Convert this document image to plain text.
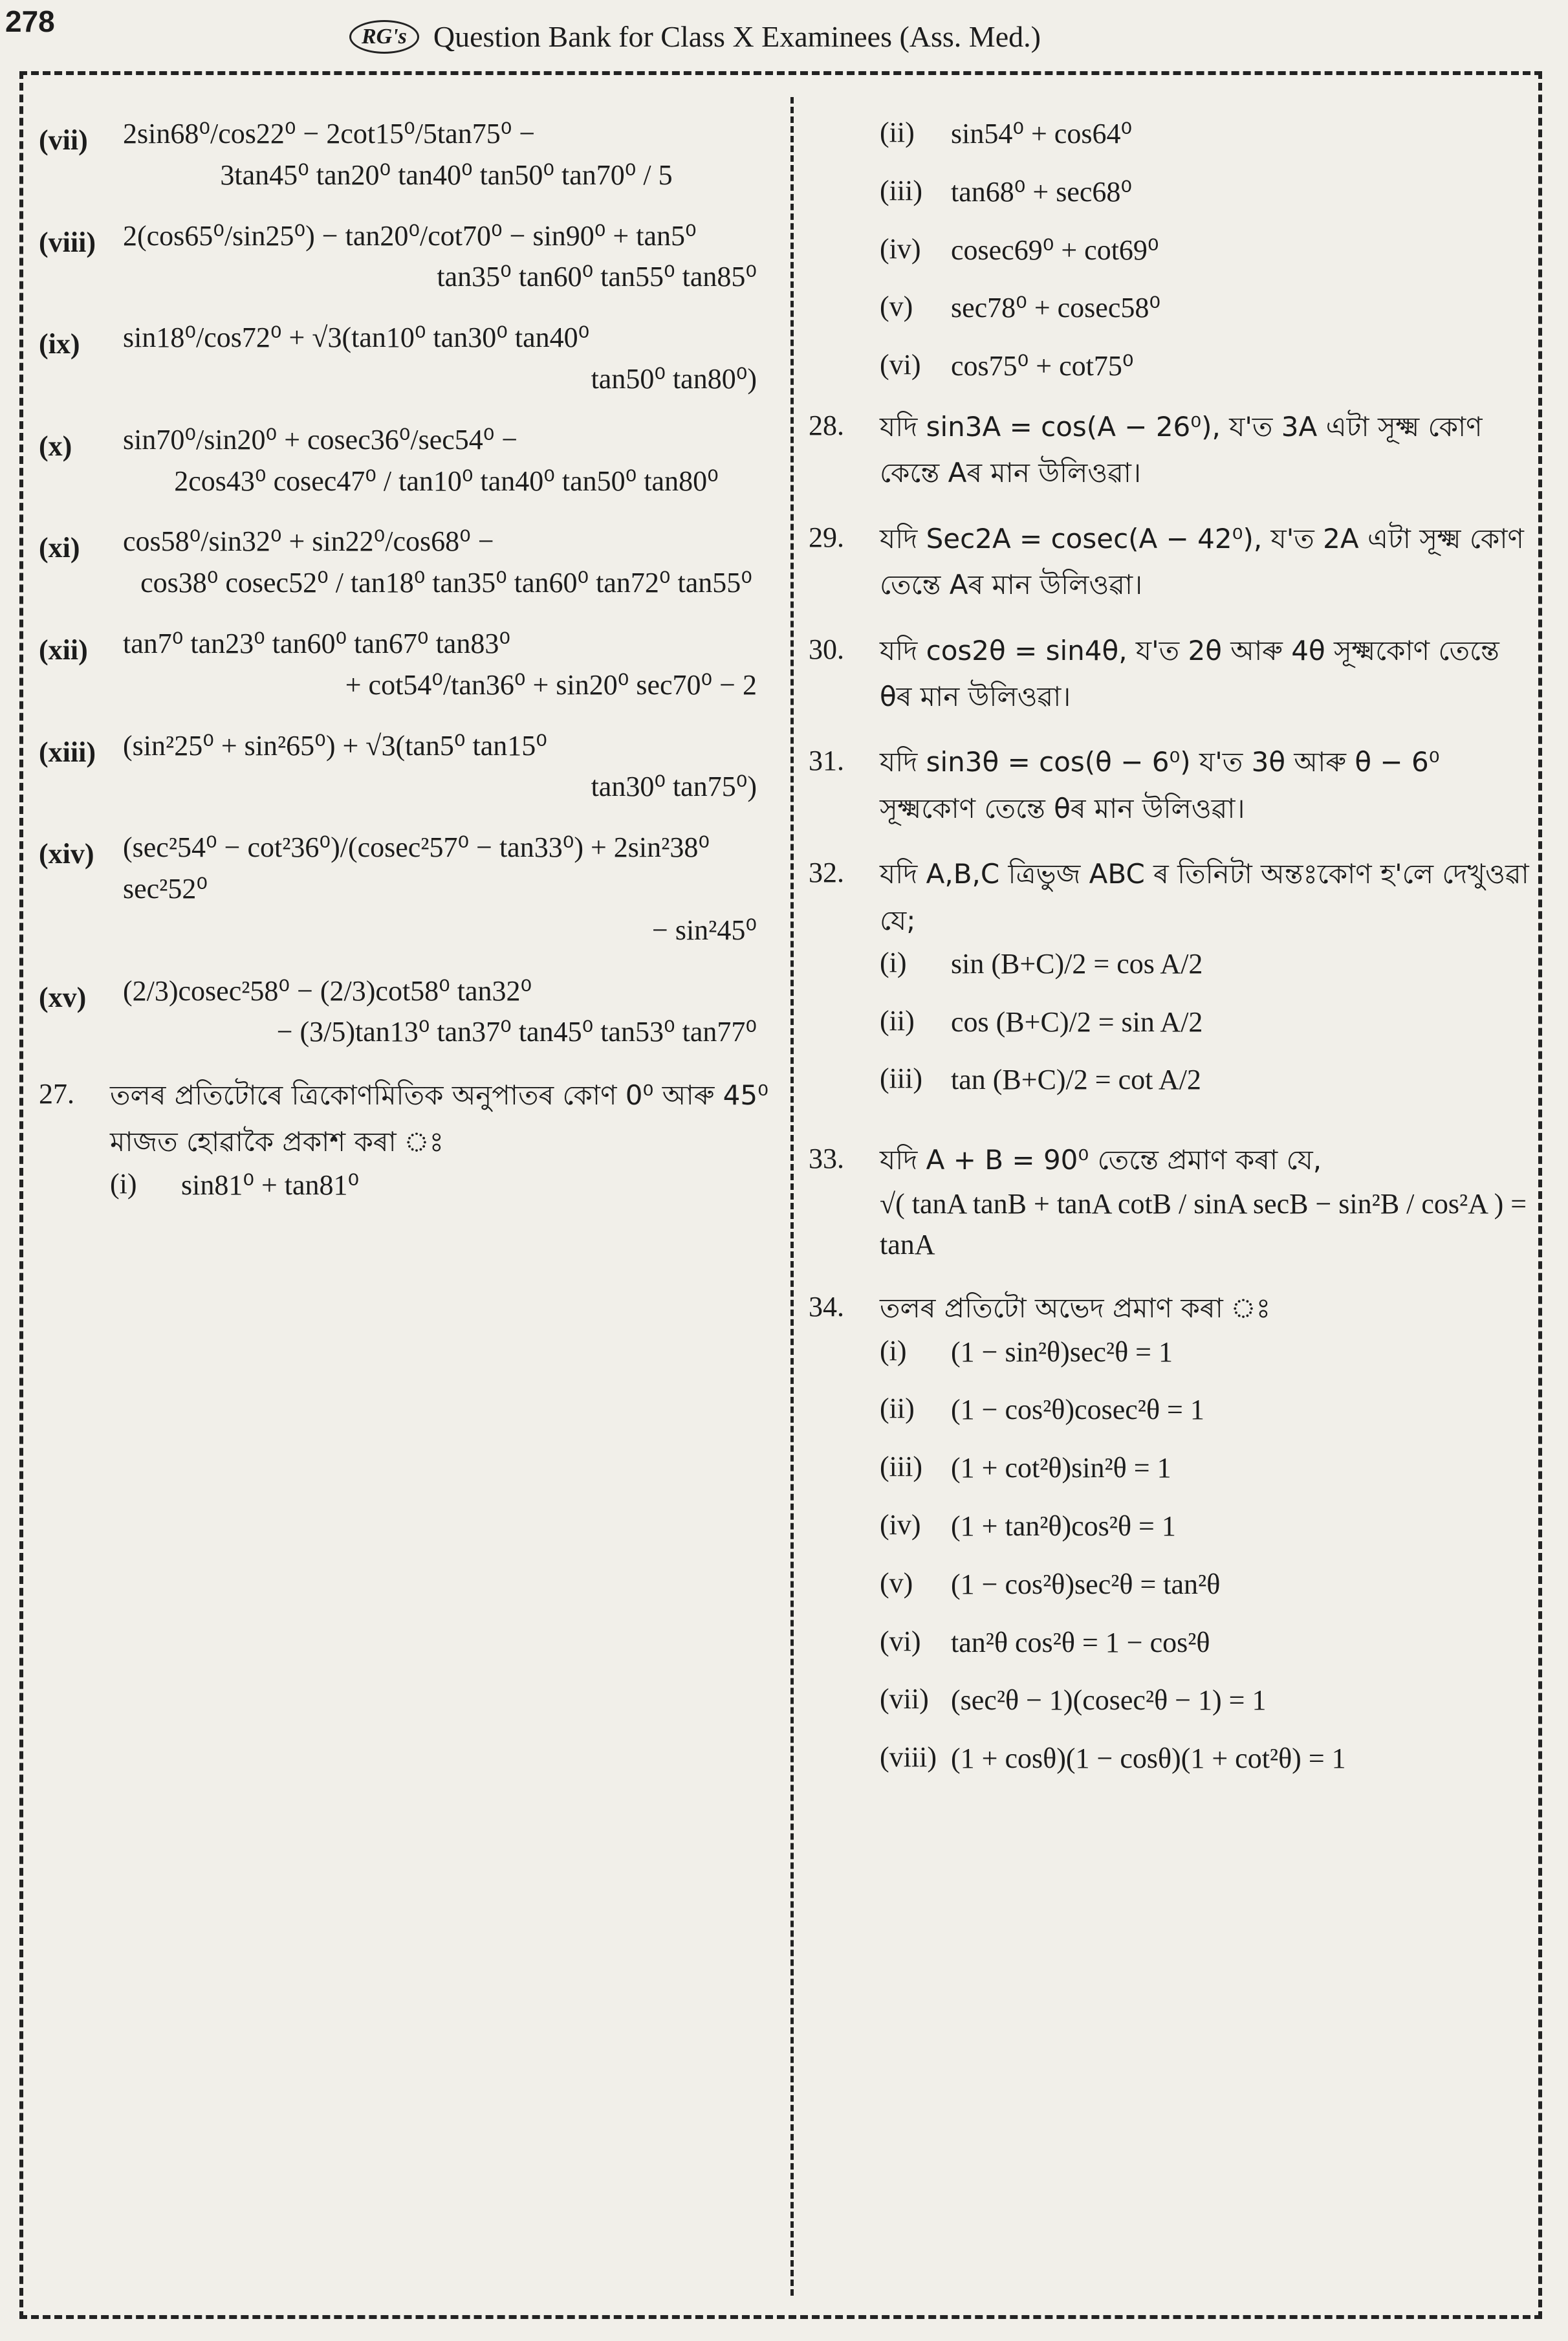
278	RG's Question Bank for Class X Examinees (Ass. Med.)
(vii)	2sin68⁰/cos22⁰ − 2cot15⁰/5tan75⁰ −
3tan45⁰ tan20⁰ tan40⁰ tan50⁰ tan70⁰ / 5
(viii) 2(cos65⁰/sin25⁰) − tan20⁰/cot70⁰ − sin90⁰ + tan5⁰
tan35⁰ tan60⁰ tan55⁰ tan85⁰
(ix)	sin18⁰/cos72⁰ + √3(tan10⁰ tan30⁰ tan40⁰
tan50⁰ tan80⁰)
(x)	sin70⁰/sin20⁰ + cosec36⁰/sec54⁰ −
2cos43⁰ cosec47⁰ / tan10⁰ tan40⁰ tan50⁰ tan80⁰
(xi)	cos58⁰/sin32⁰ + sin22⁰/cos68⁰ −
cos38⁰ cosec52⁰ / tan18⁰ tan35⁰ tan60⁰ tan72⁰ tan55⁰
(xii)	tan7⁰ tan23⁰ tan60⁰ tan67⁰ tan83⁰
+ cot54⁰/tan36⁰ + sin20⁰ sec70⁰ − 2
(xiii) (sin²25⁰ + sin²65⁰) + √3(tan5⁰ tan15⁰
tan30⁰ tan75⁰)
(xiv)	(sec²54⁰ − cot²36⁰)/(cosec²57⁰ − tan33⁰) + 2sin²38⁰ sec²52⁰
− sin²45⁰
(xv)	(2/3)cosec²58⁰ − (2/3)cot58⁰ tan32⁰
− (3/5)tan13⁰ tan37⁰ tan45⁰ tan53⁰ tan77⁰
27.	তলৰ প্ৰতিটোৰে ত্ৰিকোণমিতিক অনুপাতৰ কোণ 0⁰ আৰু 45⁰ মাজত হোৱাকৈ প্ৰকাশ কৰা ঃ
(i)	sin81⁰ + tan81⁰
(ii)	sin54⁰ + cos64⁰
(iii)	tan68⁰ + sec68⁰
(iv)	cosec69⁰ + cot69⁰
(v)	sec78⁰ + cosec58⁰
(vi)	cos75⁰ + cot75⁰
28.	যদি sin3A = cos(A − 26⁰), য'ত 3A এটা সূক্ষ্ম কোণ কেন্তে Aৰ মান উলিওৱা।
29.	যদি Sec2A = cosec(A − 42⁰), য'ত 2A এটা সূক্ষ্ম কোণ তেন্তে Aৰ মান উলিওৱা।
30.	যদি cos2θ = sin4θ, য'ত 2θ আৰু 4θ সূক্ষ্মকোণ তেন্তে θৰ মান উলিওৱা।
31.	যদি sin3θ = cos(θ − 6⁰) য'ত 3θ আৰু θ − 6⁰ সূক্ষ্মকোণ তেন্তে θৰ মান উলিওৱা।
32.	যদি A,B,C ত্ৰিভুজ ABC ৰ তিনিটা অন্তঃকোণ হ'লে দেখুওৱা যে;
(i)	sin (B+C)/2 = cos A/2
(ii)	cos (B+C)/2 = sin A/2
(iii)	tan (B+C)/2 = cot A/2
33.	যদি A + B = 90⁰ তেন্তে প্ৰমাণ কৰা যে,
√( tanA tanB + tanA cotB / sinA secB − sin²B / cos²A ) = tanA
34.	তলৰ প্ৰতিটো অভেদ প্ৰমাণ কৰা ঃ
(i)	(1 − sin²θ)sec²θ = 1
(ii)	(1 − cos²θ)cosec²θ = 1
(iii)	(1 + cot²θ)sin²θ = 1
(iv)	(1 + tan²θ)cos²θ = 1
(v)	(1 − cos²θ)sec²θ = tan²θ
(vi)	tan²θ cos²θ = 1 − cos²θ
(vii) (sec²θ − 1)(cosec²θ − 1) = 1
(viii) (1 + cosθ)(1 − cosθ)(1 + cot²θ) = 1
